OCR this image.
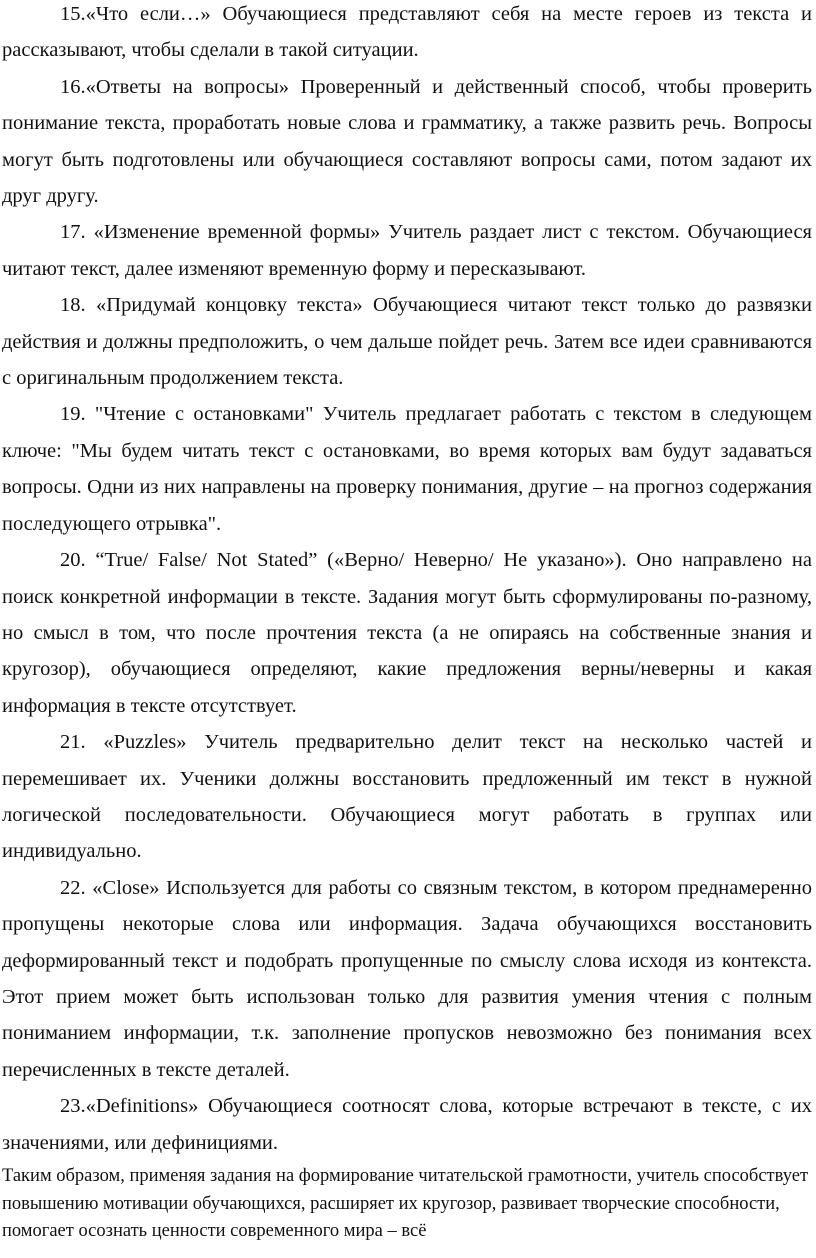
15.«Что если…» Обучающиеся представляют себя на месте героев из текста и рассказывают, чтобы сделали в такой ситуации.

16.«Ответы на вопросы» Проверенный и действенный способ, чтобы проверить понимание текста, проработать новые слова и грамматику, а также развить речь. Вопросы могут быть подготовлены или обучающиеся составляют вопросы сами, потом задают их друг другу.

17. «Изменение временной формы» Учитель раздает лист с текстом. Обучающиеся читают текст, далее изменяют временную форму и пересказывают.

18. «Придумай концовку текста» Обучающиеся читают текст только до развязки действия и должны предположить, о чем дальше пойдет речь. Затем все идеи сравниваются с оригинальным продолжением текста.

19. "Чтение с остановками" Учитель предлагает работать с текстом в следующем ключе: "Мы будем читать текст с остановками, во время которых вам будут задаваться вопросы. Одни из них направлены на проверку понимания, другие – на прогноз содержания последующего отрывка".

20. “True/ False/ Not Stated” («Верно/ Неверно/ Не указано»). Оно направлено на поиск конкретной информации в тексте. Задания могут быть сформулированы по-разному, но смысл в том, что после прочтения текста (а не опираясь на собственные знания и кругозор), обучающиеся определяют, какие предложения верны/неверны и какая информация в тексте отсутствует.

21. «Puzzles» Учитель предварительно делит текст на несколько частей и перемешивает их. Ученики должны восстановить предложенный им текст в нужной логической последовательности. Обучающиеся могут работать в группах или индивидуально.

22. «Close» Используется для работы со связным текстом, в котором преднамеренно пропущены некоторые слова или информация. Задача обучающихся восстановить деформированный текст и подобрать пропущенные по смыслу слова исходя из контекста. Этот прием может быть использован только для развития умения чтения с полным пониманием информации, т.к. заполнение пропусков невозможно без понимания всех перечисленных в тексте деталей.

23.«Definitions» Обучающиеся соотносят слова, которые встречают в тексте, с их значениями, или дефинициями.

Таким образом, применяя задания на формирование читательской грамотности, учитель способствует повышению мотивации обучающихся, расширяет их кругозор, развивает творческие способности, помогает осознать ценности современного мира – всё
